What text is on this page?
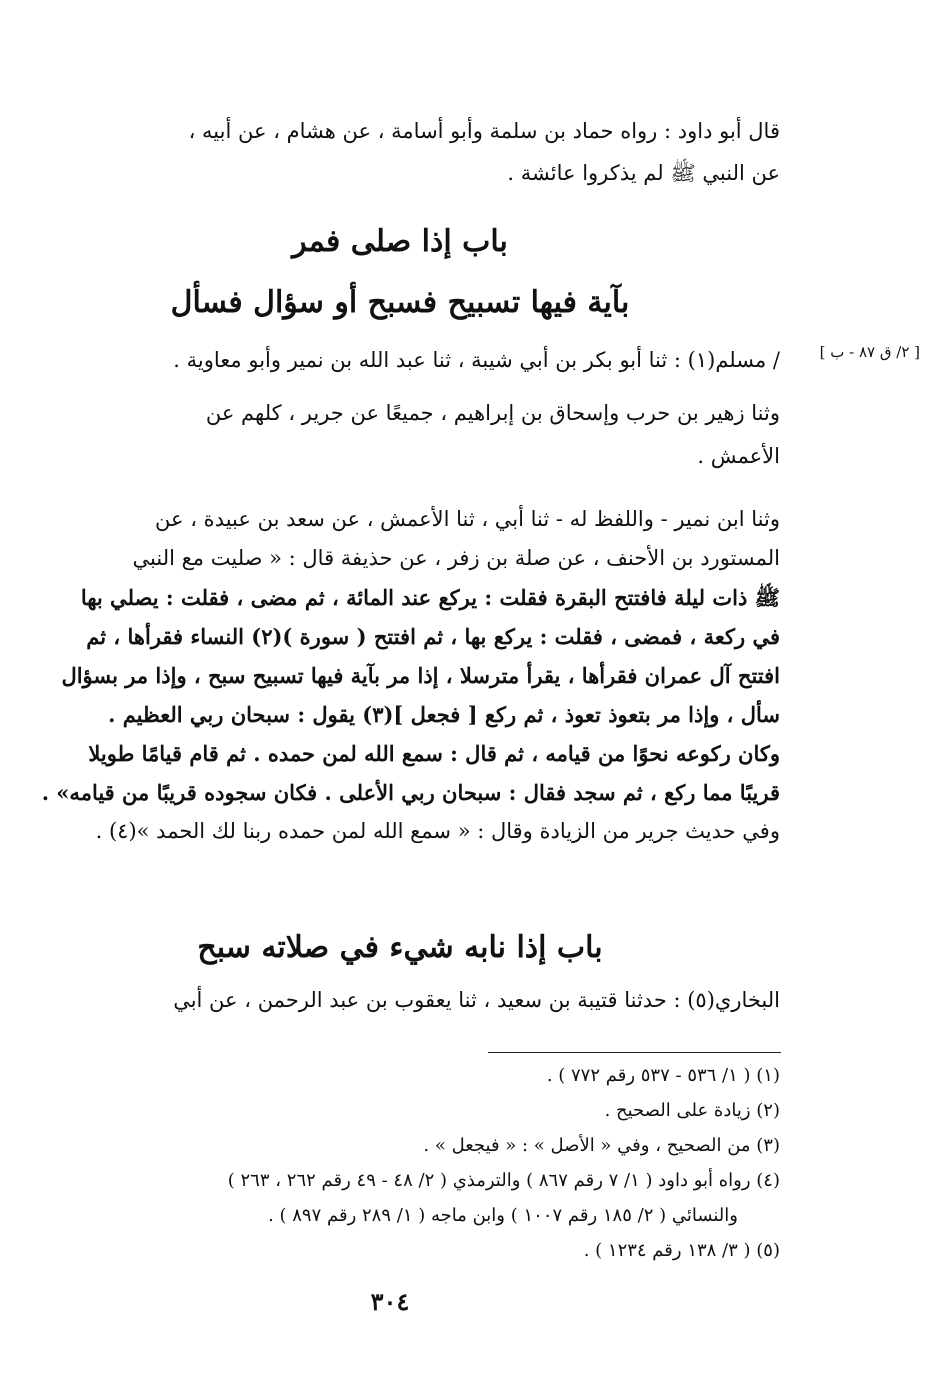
قال أبو داود : رواه حماد بن سلمة وأبو أسامة ، عن هشام ، عن أبيه ،
عن النبي ﷺ لم يذكروا عائشة .
باب إذا صلى فمر
بآية فيها تسبيح فسبح أو سؤال فسأل
[ ٢/ ق ٨٧ - ب ]
/ مسلم(١) : ثنا أبو بكر بن أبي شيبة ، ثنا عبد الله بن نمير وأبو معاوية .
وثنا زهير بن حرب وإسحاق بن إبراهيم ، جميعًا عن جرير ، كلهم عن
الأعمش .
وثنا ابن نمير - واللفظ له - ثنا أبي ، ثنا الأعمش ، عن سعد بن عبيدة ، عن
المستورد بن الأحنف ، عن صلة بن زفر ، عن حذيفة قال : « صليت مع النبي
ﷺ ذات ليلة فافتتح البقرة فقلت : يركع عند المائة ، ثم مضى ، فقلت : يصلي بها
في ركعة ، فمضى ، فقلت : يركع بها ، ثم افتتح ( سورة )(٢) النساء فقرأها ، ثم
افتتح آل عمران فقرأها ، يقرأ مترسلا ، إذا مر بآية فيها تسبيح سبح ، وإذا مر بسؤال
سأل ، وإذا مر بتعوذ تعوذ ، ثم ركع [ فجعل ](٣) يقول : سبحان ربي العظيم .
وكان ركوعه نحوًا من قيامه ، ثم قال : سمع الله لمن حمده . ثم قام قيامًا طويلا
قريبًا مما ركع ، ثم سجد فقال : سبحان ربي الأعلى . فكان سجوده قريبًا من قيامه» .
وفي حديث جرير من الزيادة وقال : « سمع الله لمن حمده ربنا لك الحمد »(٤) .
باب إذا نابه شيء في صلاته سبح
البخاري(٥) : حدثنا قتيبة بن سعيد ، ثنا يعقوب بن عبد الرحمن ، عن أبي
(١) ( ١/ ٥٣٦ - ٥٣٧ رقم ٧٧٢ ) .
(٢) زيادة على الصحيح .
(٣) من الصحيح ، وفي « الأصل » : « فيجعل » .
(٤) رواه أبو داود ( ١/ ٧ رقم ٨٦٧ ) والترمذي ( ٢/ ٤٨ - ٤٩ رقم ٢٦٢ ، ٢٦٣ )
والنسائي ( ٢/ ١٨٥ رقم ١٠٠٧ ) وابن ماجه ( ١/ ٢٨٩ رقم ٨٩٧ ) .
(٥) ( ٣/ ١٣٨ رقم ١٢٣٤ ) .
٣٠٤
